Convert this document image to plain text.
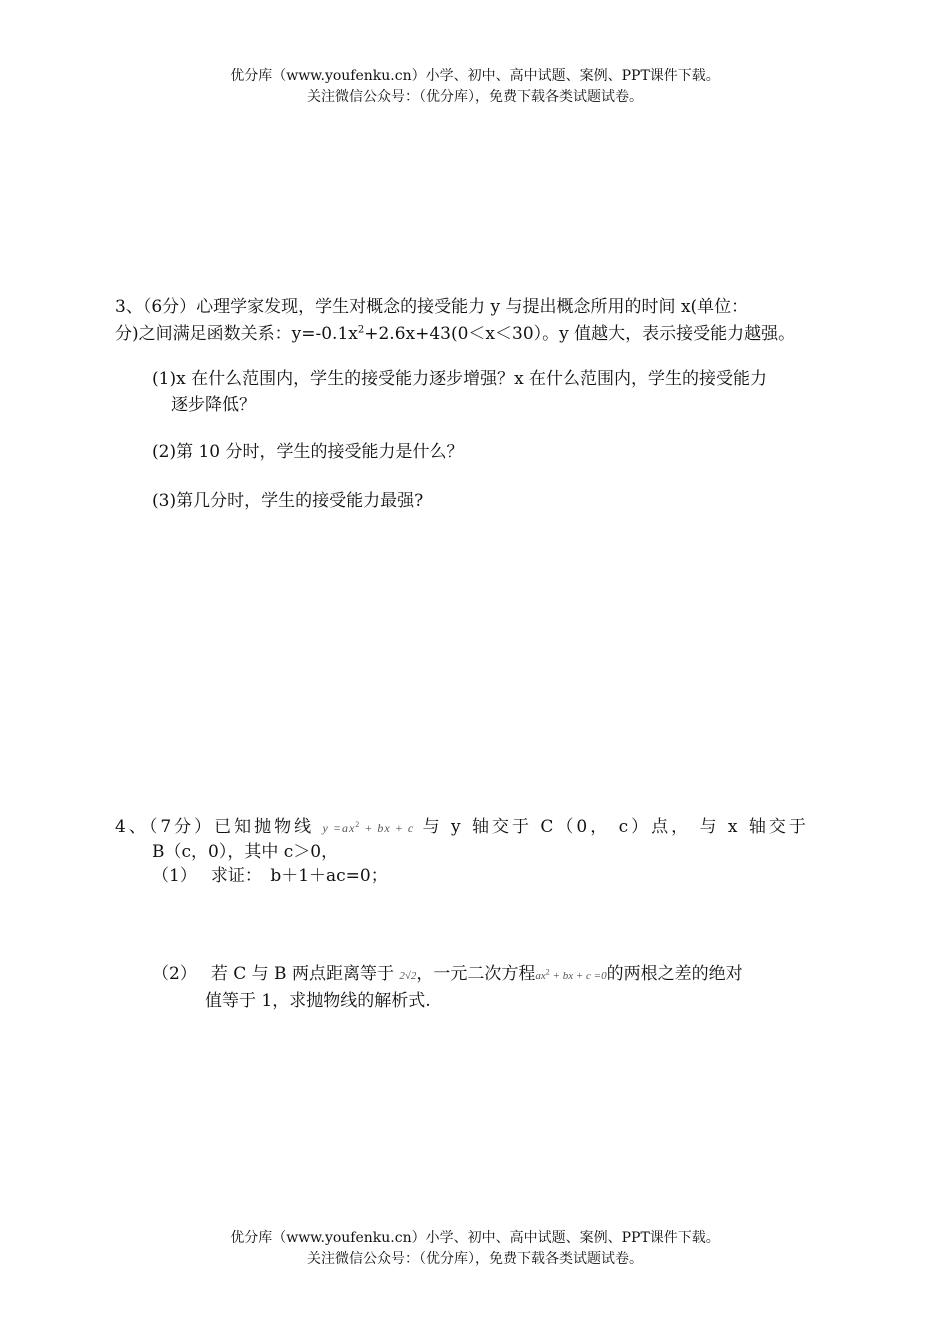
优分库（www.youfenku.cn）小学、初中、高中试题、案例、PPT课件下载。
关注微信公众号：（优分库），免费下载各类试题试卷。
3、（6分）心理学家发现，学生对概念的接受能力 y 与提出概念所用的时间 x(单位：
分)之间满足函数关系：$y=-0.1x^2+2.6x+43(0<x<30)$。y 值越大，表示接受能力越强。
(1)x 在什么范围内，学生的接受能力逐步增强？x 在什么范围内，学生的接受能力
逐步降低？
(2)第 10 分时，学生的接受能力是什么？
(3)第几分时，学生的接受能力最强?
4、（7分）已知抛物线 $y =ax^2$ + bx + c 与 y 轴交于 C（0， c）点， 与 x 轴交于
B（c，0），其中 c＞0，
（1） 求证：　b＋1＋ac=0；
（2） 若 C 与 B 两点距离等于 2√2，一元二次方程$ax^2$ + bx + c =0的两根之差的绝对
值等于 1，求抛物线的解析式.
优分库（www.youfenku.cn）小学、初中、高中试题、案例、PPT课件下载。
关注微信公众号：（优分库），免费下载各类试题试卷。
